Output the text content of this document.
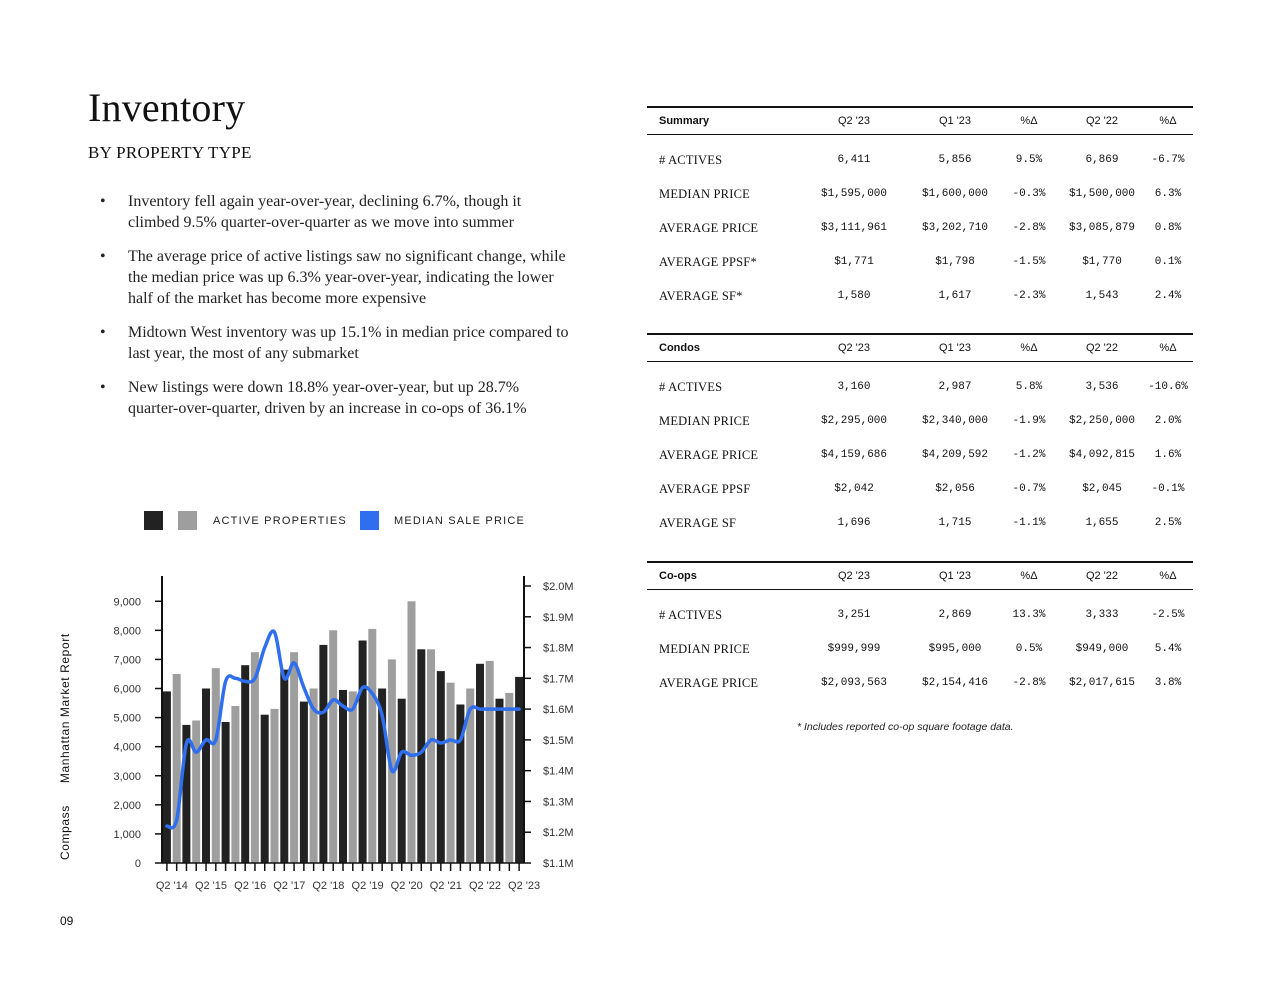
Inventory
BY PROPERTY TYPE
• Inventory fell again year-over-year, declining 6.7%, though it climbed 9.5% quarter-over-quarter as we move into summer
• The average price of active listings saw no significant change, while the median price was up 6.3% year-over-year, indicating the lower half of the market has become more expensive
• Midtown West inventory was up 15.1% in median price compared to last year, the most of any submarket
• New listings were down 18.8% year-over-year, but up 28.7% quarter-over-quarter, driven by an increase in co-ops of 36.1%
ACTIVE PROPERTIES	MEDIAN SALE PRICE
0
1,000
2,000
3,000
4,000
5,000
6,000
7,000
8,000
9,000
$1.1M
$1.2M
$1.3M
$1.4M
$1.5M
$1.6M
$1.7M
$1.8M
$1.9M
$2.0M
Q2 '14 Q2 '15 Q2 '16 Q2 '17 Q2 '18 Q2 '19 Q2 '20 Q2 '21 Q2 '22 Q2 '23
CompassManhattan Market Report
09
Summary	Q2 '23	Q1 '23	%Δ	Q2 '22	%Δ

# ACTIVES	6,411	5,856	9.5%	6,869	-6.7%
MEDIAN PRICE	$1,595,000	$1,600,000	-0.3%	$1,500,000	6.3%
AVERAGE PRICE	$3,111,961	$3,202,710	-2.8%	$3,085,879	0.8%
AVERAGE PPSF*	$1,771	$1,798	-1.5%	$1,770	0.1%
AVERAGE SF*	1,580	1,617	-2.3%	1,543	2.4%
Condos	Q2 '23	Q1 '23	%Δ	Q2 '22	%Δ

# ACTIVES	3,160	2,987	5.8%	3,536	-10.6%
MEDIAN PRICE	$2,295,000	$2,340,000	-1.9%	$2,250,000	2.0%
AVERAGE PRICE	$4,159,686	$4,209,592	-1.2%	$4,092,815	1.6%
AVERAGE PPSF	$2,042	$2,056	-0.7%	$2,045	-0.1%
AVERAGE SF	1,696	1,715	-1.1%	1,655	2.5%
Co-ops	Q2 '23	Q1 '23	%Δ	Q2 '22	%Δ

# ACTIVES	3,251	2,869	13.3%	3,333	-2.5%
MEDIAN PRICE	$999,999	$995,000	0.5%	$949,000	5.4%
AVERAGE PRICE	$2,093,563	$2,154,416	-2.8%	$2,017,615	3.8%
* Includes reported co-op square footage data.
